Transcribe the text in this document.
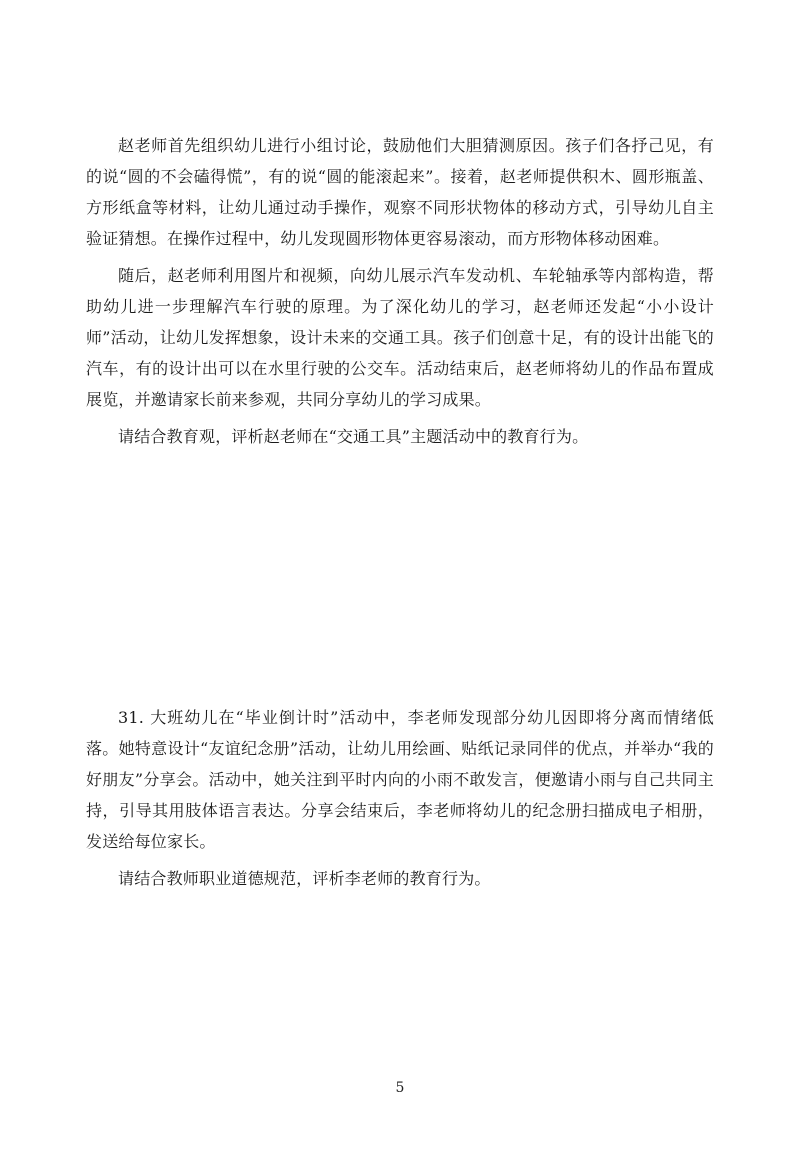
赵老师首先组织幼儿进行小组讨论，鼓励他们大胆猜测原因。孩子们各抒己见，有的说“圆的不会磕得慌”，有的说“圆的能滚起来”。接着，赵老师提供积木、圆形瓶盖、方形纸盒等材料，让幼儿通过动手操作，观察不同形状物体的移动方式，引导幼儿自主验证猜想。在操作过程中，幼儿发现圆形物体更容易滚动，而方形物体移动困难。

随后，赵老师利用图片和视频，向幼儿展示汽车发动机、车轮轴承等内部构造，帮助幼儿进一步理解汽车行驶的原理。为了深化幼儿的学习，赵老师还发起“小小设计师”活动，让幼儿发挥想象，设计未来的交通工具。孩子们创意十足，有的设计出能飞的汽车，有的设计出可以在水里行驶的公交车。活动结束后，赵老师将幼儿的作品布置成展览，并邀请家长前来参观，共同分享幼儿的学习成果。

请结合教育观，评析赵老师在“交通工具”主题活动中的教育行为。

31. 大班幼儿在“毕业倒计时”活动中，李老师发现部分幼儿因即将分离而情绪低落。她特意设计“友谊纪念册”活动，让幼儿用绘画、贴纸记录同伴的优点，并举办“我的好朋友”分享会。活动中，她关注到平时内向的小雨不敢发言，便邀请小雨与自己共同主持，引导其用肢体语言表达。分享会结束后，李老师将幼儿的纪念册扫描成电子相册，发送给每位家长。

请结合教师职业道德规范，评析李老师的教育行为。

5
